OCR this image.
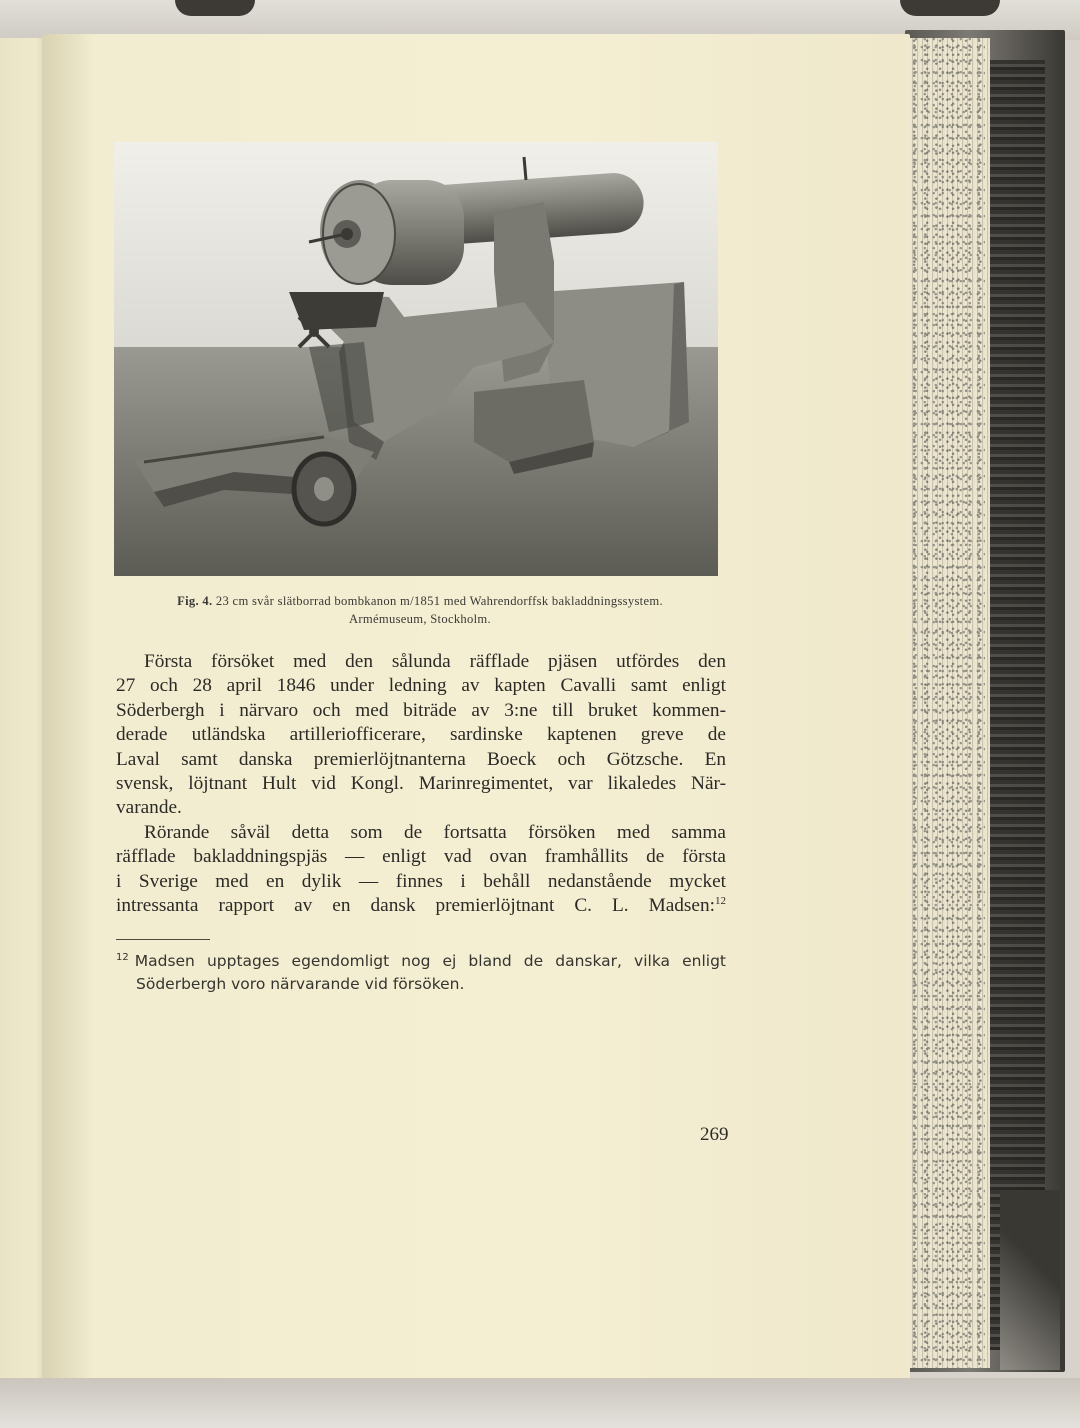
Fig. 4. 23 cm svår slätborrad bombkanon m/1851 med Wahrendorffsk bakladdningssystem.
Armémuseum, Stockholm.

Första försöket med den sålunda räfflade pjäsen utfördes den
27 och 28 april 1846 under ledning av kapten Cavalli samt enligt
Söderbergh i närvaro och med biträde av 3:ne till bruket kommen-
derade utländska artilleriofficerare, sardinske kaptenen greve de
Laval samt danska premierlöjtnanterna Boeck och Götzsche. En
svensk, löjtnant Hult vid Kongl. Marinregimentet, var likaledes När-
varande.

Rörande såväl detta som de fortsatta försöken med samma
räfflade bakladdningspjäs — enligt vad ovan framhållits de första
i Sverige med en dylik — finnes i behåll nedanstående mycket
intressanta rapport av en dansk premierlöjtnant C. L. Madsen:$^{12}$

$^{12}$ Madsen upptages egendomligt nog ej bland de danskar, vilka enligt
Söderbergh voro närvarande vid försöken.
269
